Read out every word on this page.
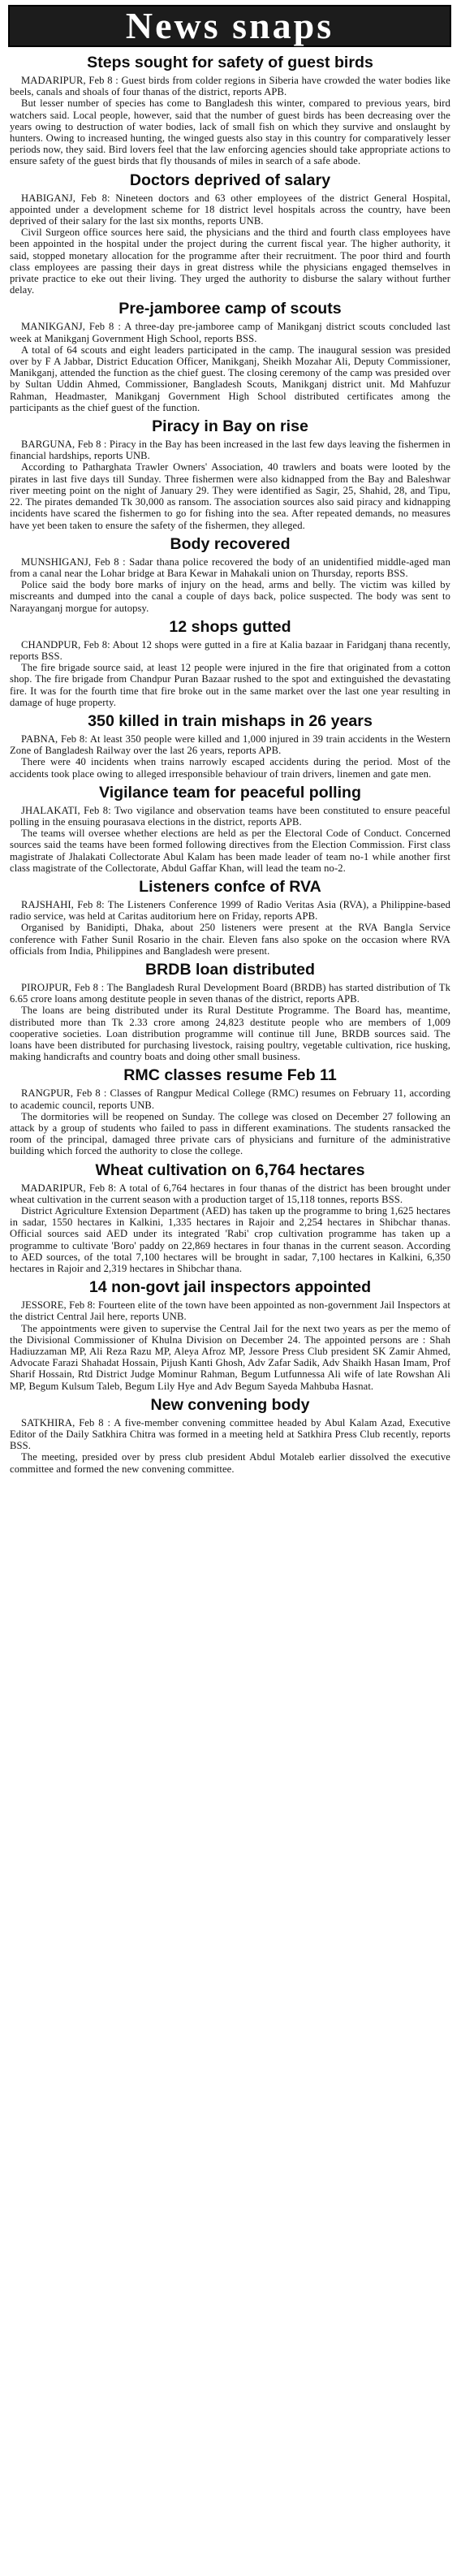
News snaps
Steps sought for safety of guest birds

MADARIPUR, Feb 8 : Guest birds from colder regions in Siberia have crowded the water bodies like beels, canals and shoals of four thanas of the district, reports APB.

But lesser number of species has come to Bangladesh this winter, compared to previous years, bird watchers said. Local people, however, said that the number of guest birds has been decreasing over the years owing to destruction of water bodies, lack of small fish on which they survive and onslaught by hunters. Owing to increased hunting, the winged guests also stay in this country for comparatively lesser periods now, they said. Bird lovers feel that the law enforcing agencies should take appropriate actions to ensure safety of the guest birds that fly thousands of miles in search of a safe abode.

Doctors deprived of salary

HABIGANJ, Feb 8: Nineteen doctors and 63 other employees of the district General Hospital, appointed under a development scheme for 18 district level hospitals across the country, have been deprived of their salary for the last six months, reports UNB.

Civil Surgeon office sources here said, the physicians and the third and fourth class employees have been appointed in the hospital under the project during the current fiscal year. The higher authority, it said, stopped monetary allocation for the programme after their recruitment. The poor third and fourth class employees are passing their days in great distress while the physicians engaged themselves in private practice to eke out their living. They urged the authority to disburse the salary without further delay.

Pre-jamboree camp of scouts

MANIKGANJ, Feb 8 : A three-day pre-jamboree camp of Manikganj district scouts concluded last week at Manikganj Government High School, reports BSS.

A total of 64 scouts and eight leaders participated in the camp. The inaugural session was presided over by F A Jabbar, District Education Officer, Manikganj, Sheikh Mozahar Ali, Deputy Commissioner, Manikganj, attended the function as the chief guest. The closing ceremony of the camp was presided over by Sultan Uddin Ahmed, Commissioner, Bangladesh Scouts, Manikganj district unit. Md Mahfuzur Rahman, Headmaster, Manikganj Government High School distributed certificates among the participants as the chief guest of the function.

Piracy in Bay on rise

BARGUNA, Feb 8 : Piracy in the Bay has been increased in the last few days leaving the fishermen in financial hardships, reports UNB.

According to Patharghata Trawler Owners' Association, 40 trawlers and boats were looted by the pirates in last five days till Sunday. Three fishermen were also kidnapped from the Bay and Baleshwar river meeting point on the night of January 29. They were identified as Sagir, 25, Shahid, 28, and Tipu, 22. The pirates demanded Tk 30,000 as ransom. The association sources also said piracy and kidnapping incidents have scared the fishermen to go for fishing into the sea. After repeated demands, no measures have yet been taken to ensure the safety of the fishermen, they alleged.

Body recovered

MUNSHIGANJ, Feb 8 : Sadar thana police recovered the body of an unidentified middle-aged man from a canal near the Lohar bridge at Bara Kewar in Mahakali union on Thursday, reports BSS.

Police said the body bore marks of injury on the head, arms and belly. The victim was killed by miscreants and dumped into the canal a couple of days back, police suspected. The body was sent to Narayanganj morgue for autopsy.

12 shops gutted

CHANDPUR, Feb 8: About 12 shops were gutted in a fire at Kalia bazaar in Faridganj thana recently, reports BSS.

The fire brigade source said, at least 12 people were injured in the fire that originated from a cotton shop. The fire brigade from Chandpur Puran Bazaar rushed to the spot and extinguished the devastating fire. It was for the fourth time that fire broke out in the same market over the last one year resulting in damage of huge property.

350 killed in train mishaps in 26 years

PABNA, Feb 8: At least 350 people were killed and 1,000 injured in 39 train accidents in the Western Zone of Bangladesh Railway over the last 26 years, reports APB.

There were 40 incidents when trains narrowly escaped accidents during the period. Most of the accidents took place owing to alleged irresponsible behaviour of train drivers, linemen and gate men.

Vigilance team for peaceful polling

JHALAKATI, Feb 8: Two vigilance and observation teams have been constituted to ensure peaceful polling in the ensuing pourasava elections in the district, reports APB.

The teams will oversee whether elections are held as per the Electoral Code of Conduct. Concerned sources said the teams have been formed following directives from the Election Commission. First class magistrate of Jhalakati Collectorate Abul Kalam has been made leader of team no-1 while another first class magistrate of the Collectorate, Abdul Gaffar Khan, will lead the team no-2.

Listeners confce of RVA

RAJSHAHI, Feb 8: The Listeners Conference 1999 of Radio Veritas Asia (RVA), a Philippine-based radio service, was held at Caritas auditorium here on Friday, reports APB.

Organised by Banidipti, Dhaka, about 250 listeners were present at the RVA Bangla Service conference with Father Sunil Rosario in the chair. Eleven fans also spoke on the occasion where RVA officials from India, Philippines and Bangladesh were present.

BRDB loan distributed

PIROJPUR, Feb 8 : The Bangladesh Rural Development Board (BRDB) has started distribution of Tk 6.65 crore loans among destitute people in seven thanas of the district, reports APB.

The loans are being distributed under its Rural Destitute Programme. The Board has, meantime, distributed more than Tk 2.33 crore among 24,823 destitute people who are members of 1,009 cooperative societies. Loan distribution programme will continue till June, BRDB sources said. The loans have been distributed for purchasing livestock, raising poultry, vegetable cultivation, rice husking, making handicrafts and country boats and doing other small business.

RMC classes resume Feb 11

RANGPUR, Feb 8 : Classes of Rangpur Medical College (RMC) resumes on February 11, according to academic council, reports UNB.

The dormitories will be reopened on Sunday. The college was closed on December 27 following an attack by a group of students who failed to pass in different examinations. The students ransacked the room of the principal, damaged three private cars of physicians and furniture of the administrative building which forced the authority to close the college.

Wheat cultivation on 6,764 hectares

MADARIPUR, Feb 8: A total of 6,764 hectares in four thanas of the district has been brought under wheat cultivation in the current season with a production target of 15,118 tonnes, reports BSS.

District Agriculture Extension Department (AED) has taken up the programme to bring 1,625 hectares in sadar, 1550 hectares in Kalkini, 1,335 hectares in Rajoir and 2,254 hectares in Shibchar thanas. Official sources said AED under its integrated 'Rabi' crop cultivation programme has taken up a programme to cultivate 'Boro' paddy on 22,869 hectares in four thanas in the current season. According to AED sources, of the total 7,100 hectares will be brought in sadar, 7,100 hectares in Kalkini, 6,350 hectares in Rajoir and 2,319 hectares in Shibchar thana.

14 non-govt jail inspectors appointed

JESSORE, Feb 8: Fourteen elite of the town have been appointed as non-government Jail Inspectors at the district Central Jail here, reports UNB.

The appointments were given to supervise the Central Jail for the next two years as per the memo of the Divisional Commissioner of Khulna Division on December 24. The appointed persons are : Shah Hadiuzzaman MP, Ali Reza Razu MP, Aleya Afroz MP, Jessore Press Club president SK Zamir Ahmed, Advocate Farazi Shahadat Hossain, Pijush Kanti Ghosh, Adv Zafar Sadik, Adv Shaikh Hasan Imam, Prof Sharif Hossain, Rtd District Judge Mominur Rahman, Begum Lutfunnessa Ali wife of late Rowshan Ali MP, Begum Kulsum Taleb, Begum Lily Hye and Adv Begum Sayeda Mahbuba Hasnat.

New convening body

SATKHIRA, Feb 8 : A five-member convening committee headed by Abul Kalam Azad, Executive Editor of the Daily Satkhira Chitra was formed in a meeting held at Satkhira Press Club recently, reports BSS.

The meeting, presided over by press club president Abdul Motaleb earlier dissolved the executive committee and formed the new convening committee.
